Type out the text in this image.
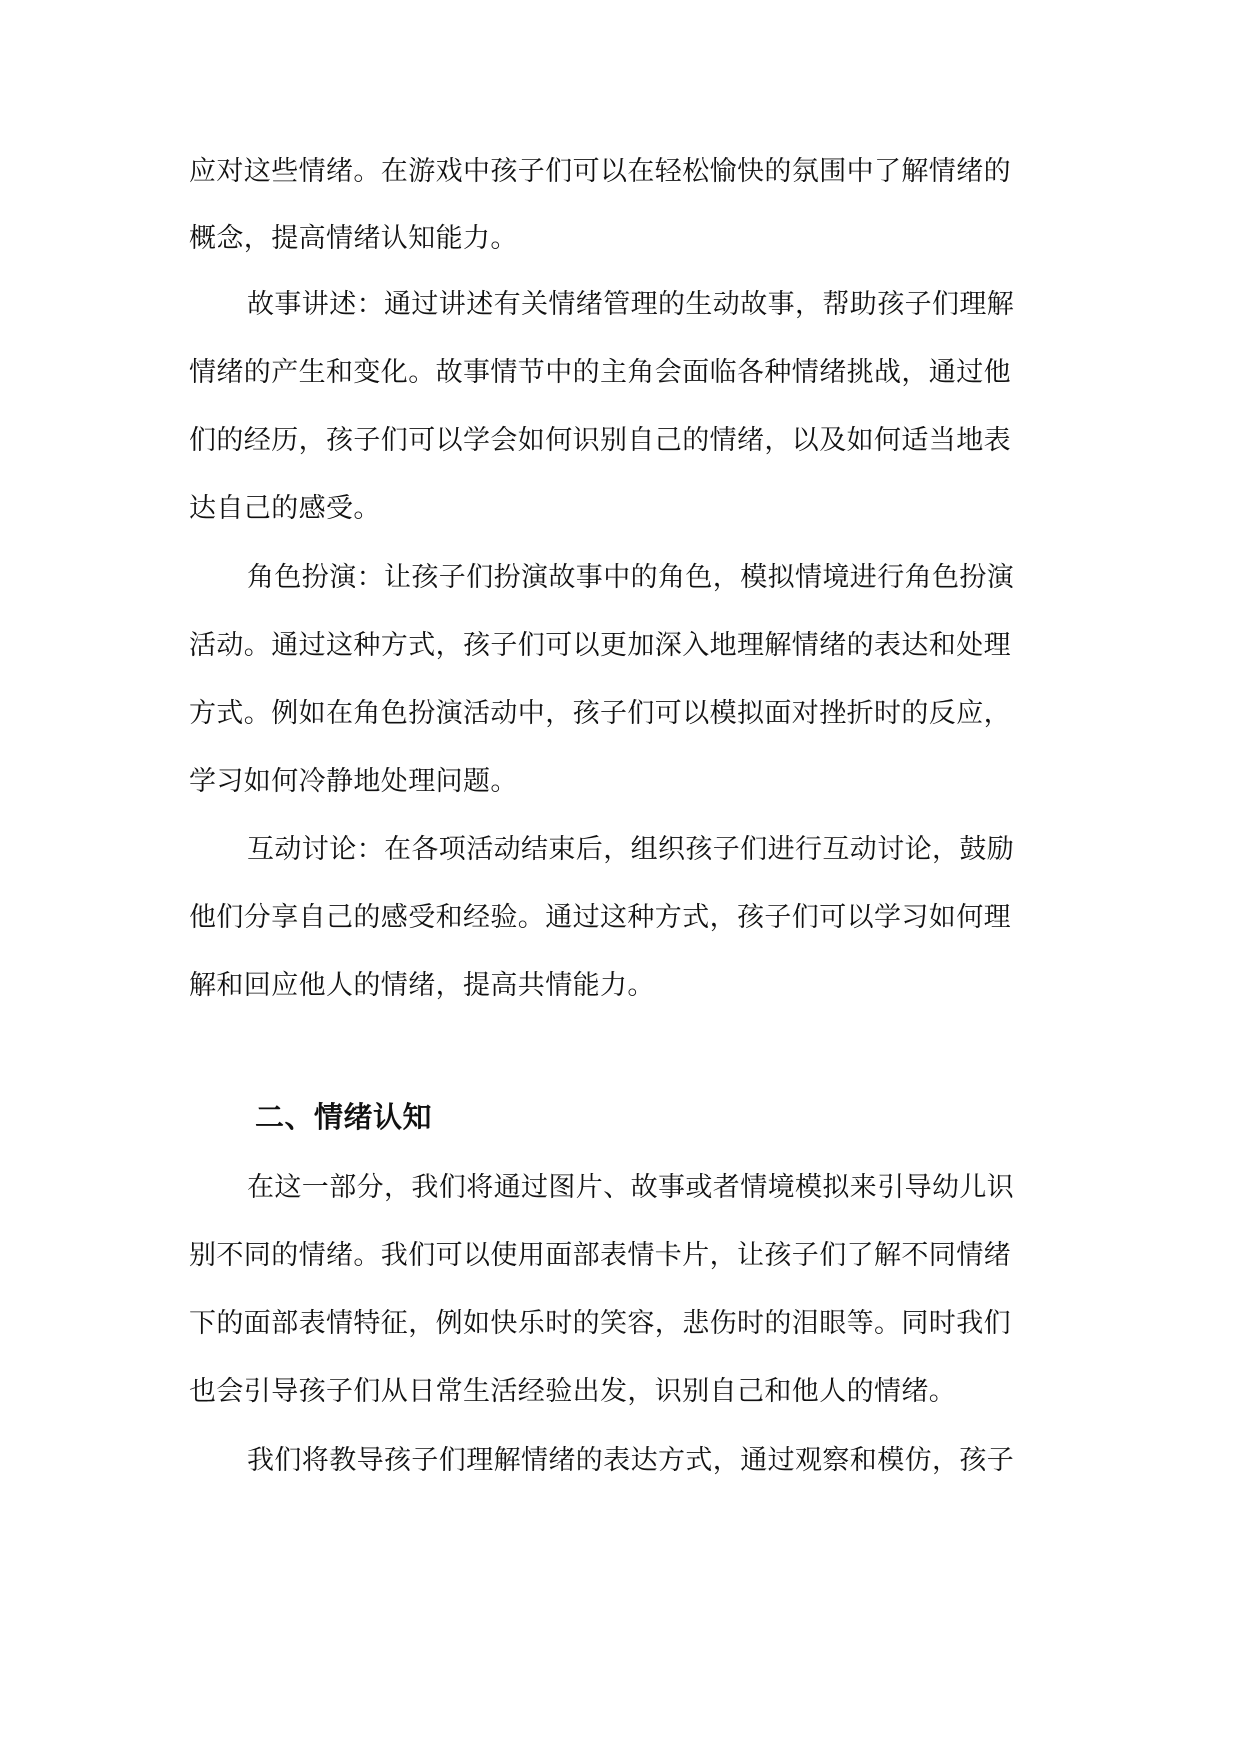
应对这些情绪。在游戏中孩子们可以在轻松愉快的氛围中了解情绪的
概念，提高情绪认知能力。
故事讲述：通过讲述有关情绪管理的生动故事，帮助孩子们理解
情绪的产生和变化。故事情节中的主角会面临各种情绪挑战，通过他
们的经历，孩子们可以学会如何识别自己的情绪，以及如何适当地表
达自己的感受。
角色扮演：让孩子们扮演故事中的角色，模拟情境进行角色扮演
活动。通过这种方式，孩子们可以更加深入地理解情绪的表达和处理
方式。例如在角色扮演活动中，孩子们可以模拟面对挫折时的反应，
学习如何冷静地处理问题。
互动讨论：在各项活动结束后，组织孩子们进行互动讨论，鼓励
他们分享自己的感受和经验。通过这种方式，孩子们可以学习如何理
解和回应他人的情绪，提高共情能力。
二、情绪认知
在这一部分，我们将通过图片、故事或者情境模拟来引导幼儿识
别不同的情绪。我们可以使用面部表情卡片，让孩子们了解不同情绪
下的面部表情特征，例如快乐时的笑容，悲伤时的泪眼等。同时我们
也会引导孩子们从日常生活经验出发，识别自己和他人的情绪。
我们将教导孩子们理解情绪的表达方式，通过观察和模仿，孩子
